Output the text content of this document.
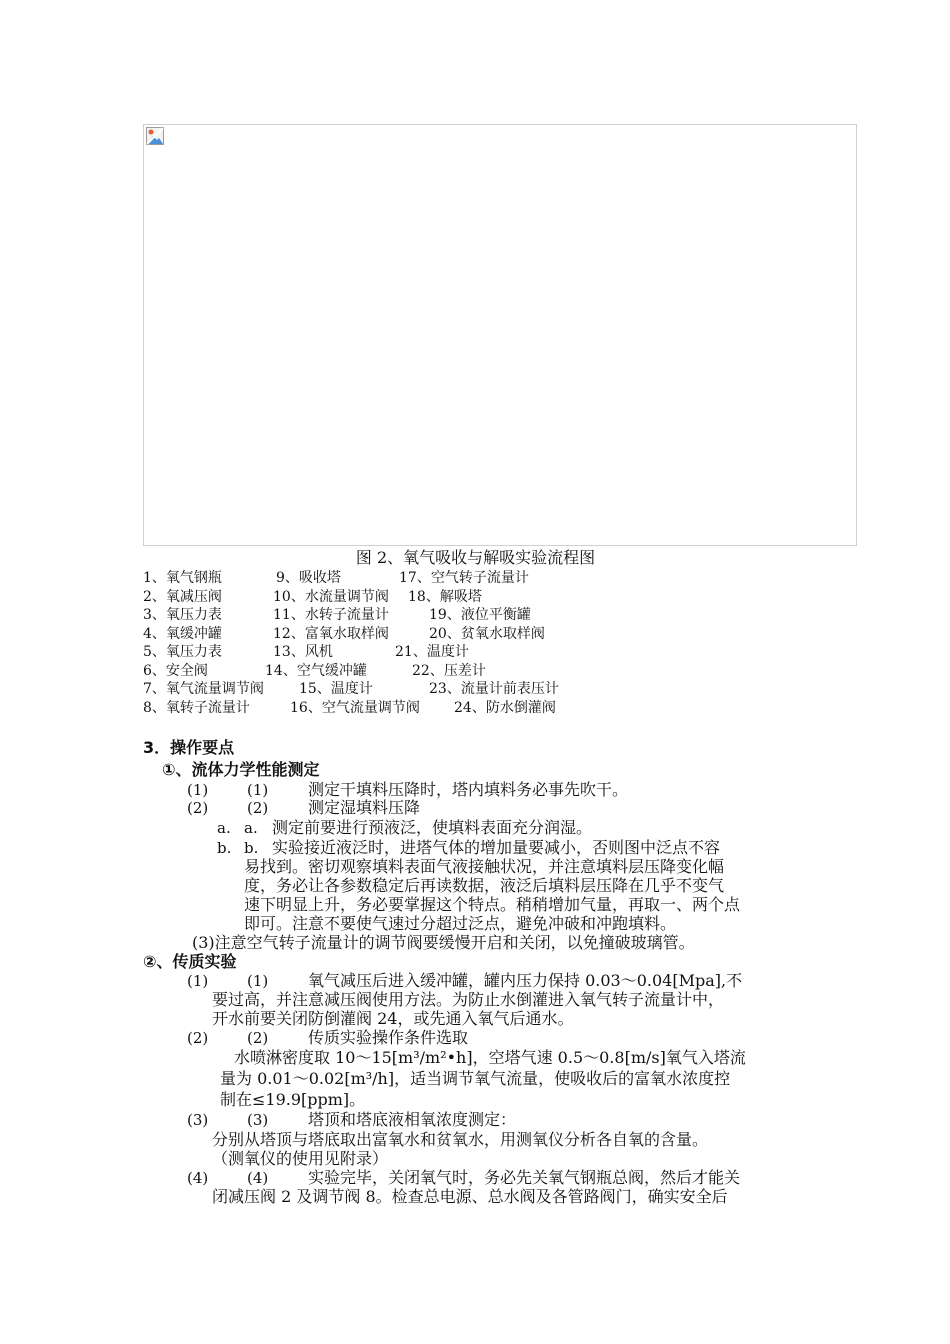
图 2、氧气吸收与解吸实验流程图
1、氧气钢瓶	9、吸收塔	17、空气转子流量计
2、氧减压阀	10、水流量调节阀 18、解吸塔
3、氧压力表	11、水转子流量计	19、液位平衡罐
4、氧缓冲罐	12、富氧水取样阀	20、贫氧水取样阀
5、氧压力表	13、风机	21、温度计
6、安全阀	14、空气缓冲罐	22、压差计
7、氧气流量调节阀	15、温度计	23、流量计前表压计
8、氧转子流量计	16、空气流量调节阀 24、防水倒灌阀
3．操作要点
①、流体力学性能测定
(1)	(1) 测定干填料压降时，塔内填料务必事先吹干。
(2)	(2) 测定湿填料压降
a. a. 测定前要进行预液泛，使填料表面充分润湿。
b. b. 实验接近液泛时，进塔气体的增加量要减小，否则图中泛点不容
易找到。密切观察填料表面气液接触状况，并注意填料层压降变化幅
度，务必让各参数稳定后再读数据，液泛后填料层压降在几乎不变气
速下明显上升，务必要掌握这个特点。稍稍增加气量，再取一、两个点
即可。注意不要使气速过分超过泛点，避免冲破和冲跑填料。
(3)注意空气转子流量计的调节阀要缓慢开启和关闭，以免撞破玻璃管。
②、传质实验
(1)	(1) 氧气减压后进入缓冲罐，罐内压力保持 0.03～0.04[Mpa],不
要过高，并注意减压阀使用方法。为防止水倒灌进入氧气转子流量计中，
开水前要关闭防倒灌阀 24，或先通入氧气后通水。
(2)	(2) 传质实验操作条件选取
水喷淋密度取 10～15[m³/m²•h]，空塔气速 0.5～0.8[m/s]氧气入塔流
量为 0.01～0.02[m³/h]，适当调节氧气流量，使吸收后的富氧水浓度控
制在≤19.9[ppm]。
(3)	(3) 塔顶和塔底液相氧浓度测定：
分别从塔顶与塔底取出富氧水和贫氧水，用测氧仪分析各自氧的含量。
（测氧仪的使用见附录）
(4)	(4) 实验完毕，关闭氧气时，务必先关氧气钢瓶总阀，然后才能关
闭减压阀 2 及调节阀 8。检查总电源、总水阀及各管路阀门，确实安全后
